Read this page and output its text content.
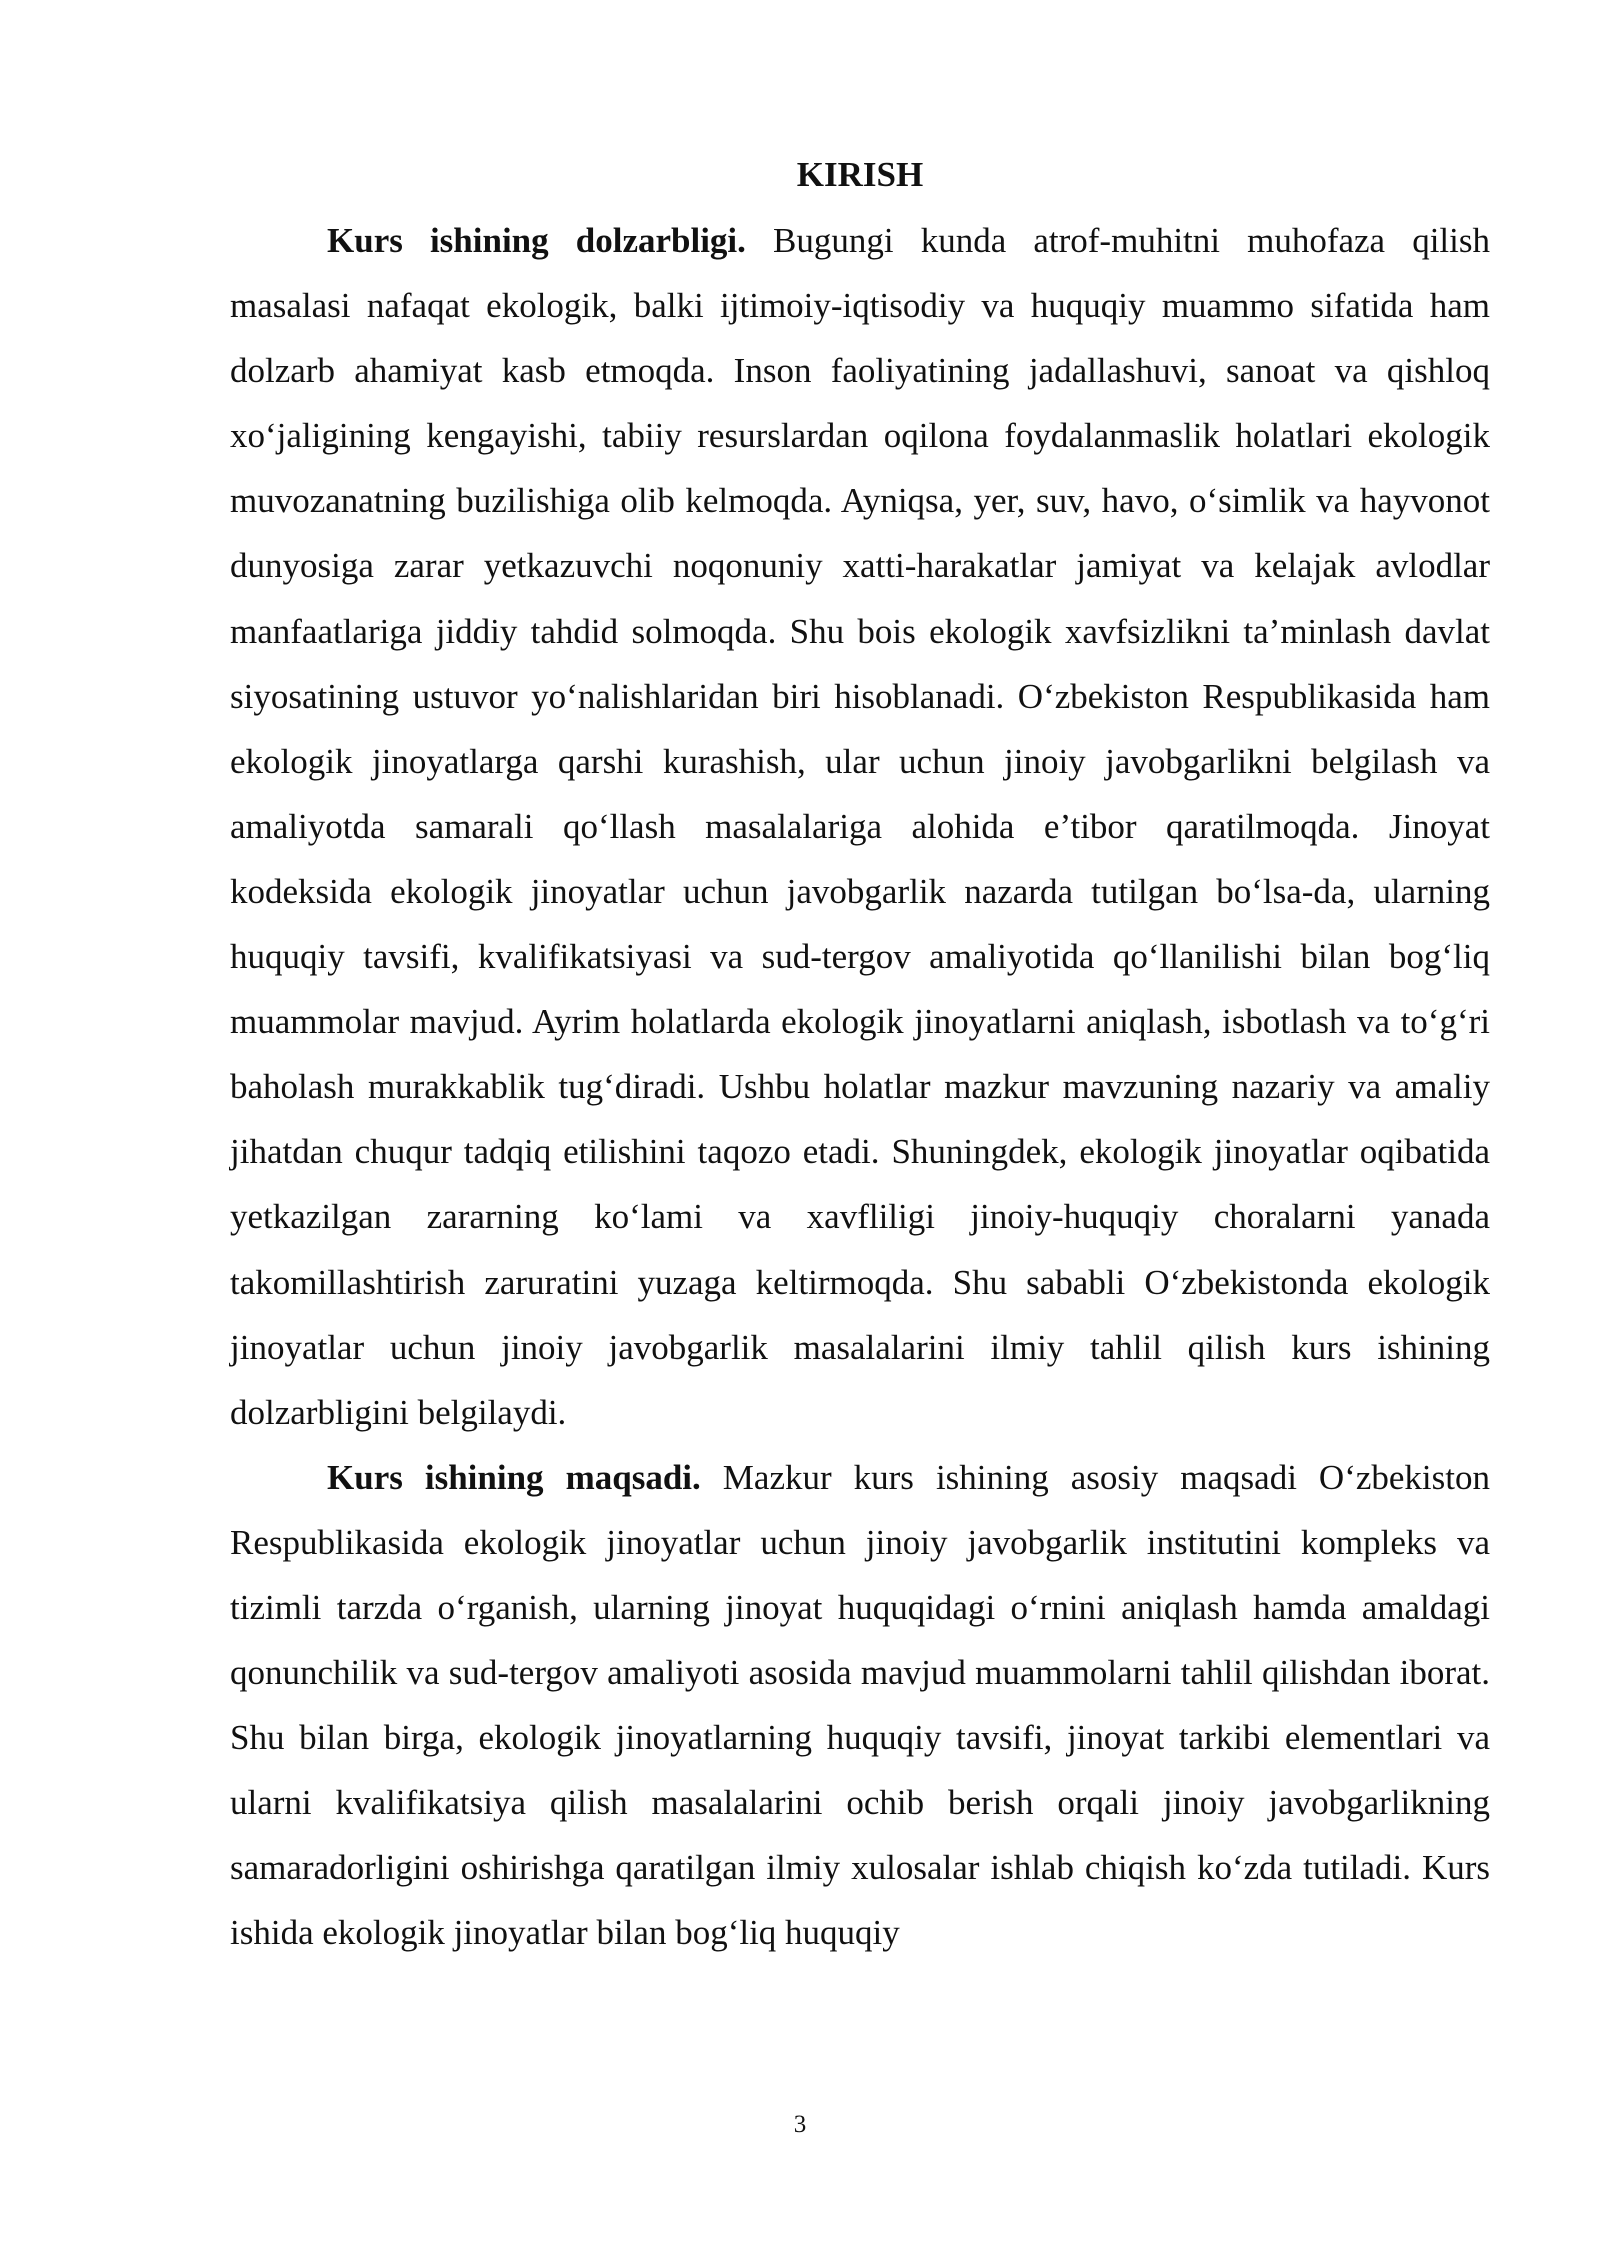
KIRISH

Kurs ishining dolzarbligi. Bugungi kunda atrof-muhitni muhofaza qilish masalasi nafaqat ekologik, balki ijtimoiy-iqtisodiy va huquqiy muammo sifatida ham dolzarb ahamiyat kasb etmoqda. Inson faoliyatining jadallashuvi, sanoat va qishloq xo‘jaligining kengayishi, tabiiy resurslardan oqilona foydalanmaslik holatlari ekologik muvozanatning buzilishiga olib kelmoqda. Ayniqsa, yer, suv, havo, o‘simlik va hayvonot dunyosiga zarar yetkazuvchi noqonuniy xatti-harakatlar jamiyat va kelajak avlodlar manfaatlariga jiddiy tahdid solmoqda. Shu bois ekologik xavfsizlikni ta’minlash davlat siyosatining ustuvor yo‘nalishlaridan biri hisoblanadi. O‘zbekiston Respublikasida ham ekologik jinoyatlarga qarshi kurashish, ular uchun jinoiy javobgarlikni belgilash va amaliyotda samarali qo‘llash masalalariga alohida e’tibor qaratilmoqda. Jinoyat kodeksida ekologik jinoyatlar uchun javobgarlik nazarda tutilgan bo‘lsa-da, ularning huquqiy tavsifi, kvalifikatsiyasi va sud-tergov amaliyotida qo‘llanilishi bilan bog‘liq muammolar mavjud. Ayrim holatlarda ekologik jinoyatlarni aniqlash, isbotlash va to‘g‘ri baholash murakkablik tug‘diradi. Ushbu holatlar mazkur mavzuning nazariy va amaliy jihatdan chuqur tadqiq etilishini taqozo etadi. Shuningdek, ekologik jinoyatlar oqibatida yetkazilgan zararning ko‘lami va xavfliligi jinoiy-huquqiy choralarni yanada takomillashtirish zaruratini yuzaga keltirmoqda. Shu sababli O‘zbekistonda ekologik jinoyatlar uchun jinoiy javobgarlik masalalarini ilmiy tahlil qilish kurs ishining dolzarbligini belgilaydi.

Kurs ishining maqsadi. Mazkur kurs ishining asosiy maqsadi O‘zbekiston Respublikasida ekologik jinoyatlar uchun jinoiy javobgarlik institutini kompleks va tizimli tarzda o‘rganish, ularning jinoyat huquqidagi o‘rnini aniqlash hamda amaldagi qonunchilik va sud-tergov amaliyoti asosida mavjud muammolarni tahlil qilishdan iborat. Shu bilan birga, ekologik jinoyatlarning huquqiy tavsifi, jinoyat tarkibi elementlari va ularni kvalifikatsiya qilish masalalarini ochib berish orqali jinoiy javobgarlikning samaradorligini oshirishga qaratilgan ilmiy xulosalar ishlab chiqish ko‘zda tutiladi. Kurs ishida ekologik jinoyatlar bilan bog‘liq huquqiy

3
